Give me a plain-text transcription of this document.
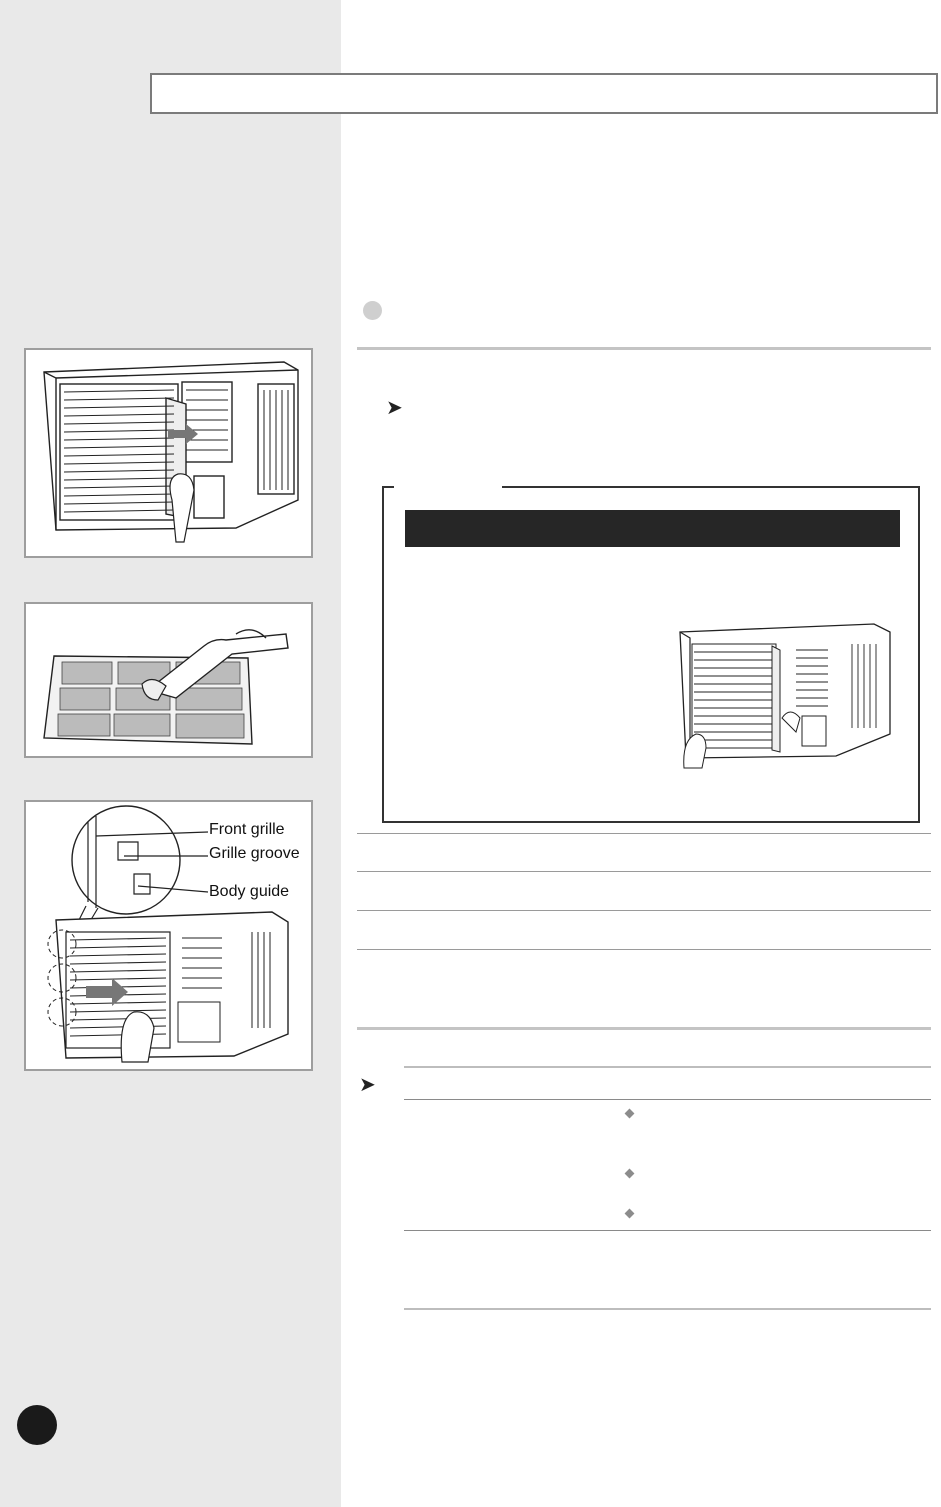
➤
Front grille
Grille groove
Body guide
➤
